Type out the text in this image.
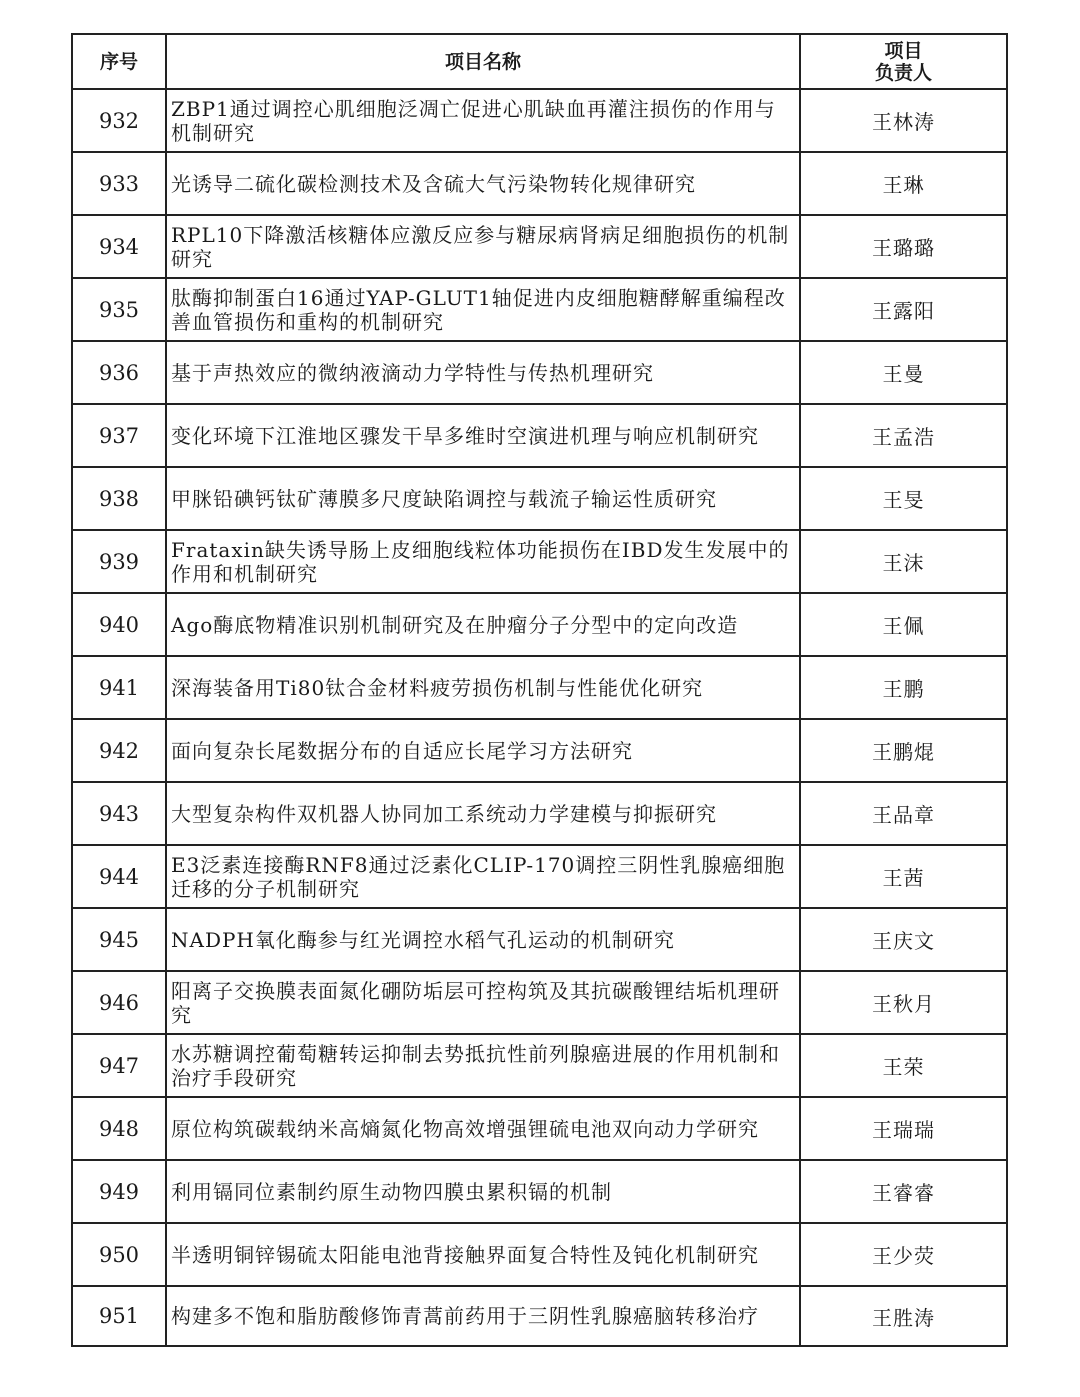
序号	项目名称	项目
负责人

932	ZBP1通过调控心肌细胞泛凋亡促进心肌缺血再灌注损伤的作用与机制研究	王林涛
933	光诱导二硫化碳检测技术及含硫大气污染物转化规律研究	王琳
934	RPL10下降激活核糖体应激反应参与糖尿病肾病足细胞损伤的机制研究	王璐璐
935	肽酶抑制蛋白16通过YAP-GLUT1轴促进内皮细胞糖酵解重编程改善血管损伤和重构的机制研究	王露阳
936	基于声热效应的微纳液滴动力学特性与传热机理研究	王曼
937	变化环境下江淮地区骤发干旱多维时空演进机理与响应机制研究	王孟浩
938	甲脒铅碘钙钛矿薄膜多尺度缺陷调控与载流子输运性质研究	王旻
939	Frataxin缺失诱导肠上皮细胞线粒体功能损伤在IBD发生发展中的作用和机制研究	王沫
940	Ago酶底物精准识别机制研究及在肿瘤分子分型中的定向改造	王佩
941	深海装备用Ti80钛合金材料疲劳损伤机制与性能优化研究	王鹏
942	面向复杂长尾数据分布的自适应长尾学习方法研究	王鹏焜
943	大型复杂构件双机器人协同加工系统动力学建模与抑振研究	王品章
944	E3泛素连接酶RNF8通过泛素化CLIP-170调控三阴性乳腺癌细胞迁移的分子机制研究	王茜
945	NADPH氧化酶参与红光调控水稻气孔运动的机制研究	王庆文
946	阳离子交换膜表面氮化硼防垢层可控构筑及其抗碳酸锂结垢机理研究	王秋月
947	水苏糖调控葡萄糖转运抑制去势抵抗性前列腺癌进展的作用机制和治疗手段研究	王荣
948	原位构筑碳载纳米高熵氮化物高效增强锂硫电池双向动力学研究	王瑞瑞
949	利用镉同位素制约原生动物四膜虫累积镉的机制	王睿睿
950	半透明铜锌锡硫太阳能电池背接触界面复合特性及钝化机制研究	王少荧
951	构建多不饱和脂肪酸修饰青蒿前药用于三阴性乳腺癌脑转移治疗	王胜涛
